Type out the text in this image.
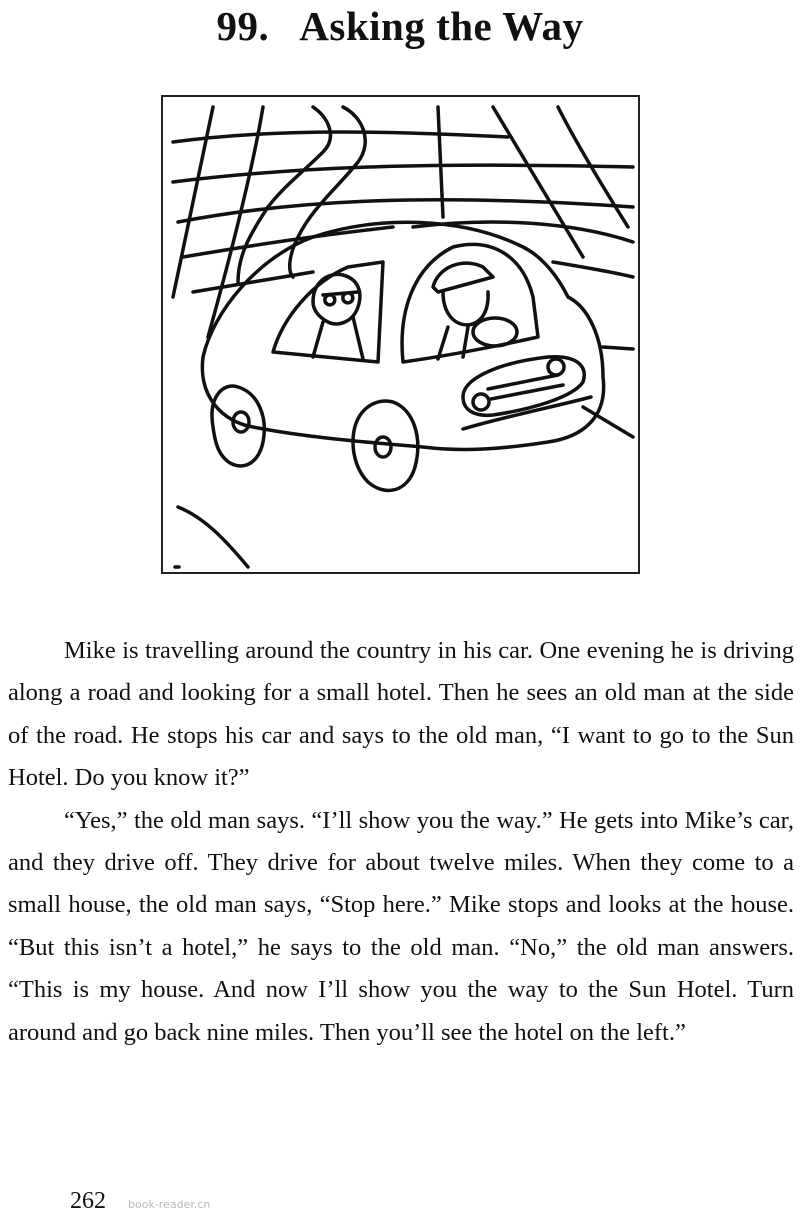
99. Asking the Way

Mike is travelling around the country in his car. One evening he is driving along a road and looking for a small hotel. Then he sees an old man at the side of the road. He stops his car and says to the old man, “I want to go to the Sun Hotel. Do you know it?”

“Yes,” the old man says. “I’ll show you the way.” He gets into Mike’s car, and they drive off. They drive for about twelve miles. When they come to a small house, the old man says, “Stop here.” Mike stops and looks at the house. “But this isn’t a hotel,” he says to the old man. “No,” the old man answers. “This is my house. And now I’ll show you the way to the Sun Hotel. Turn around and go back nine miles. Then you’ll see the hotel on the left.”

262 book-reader.cn
